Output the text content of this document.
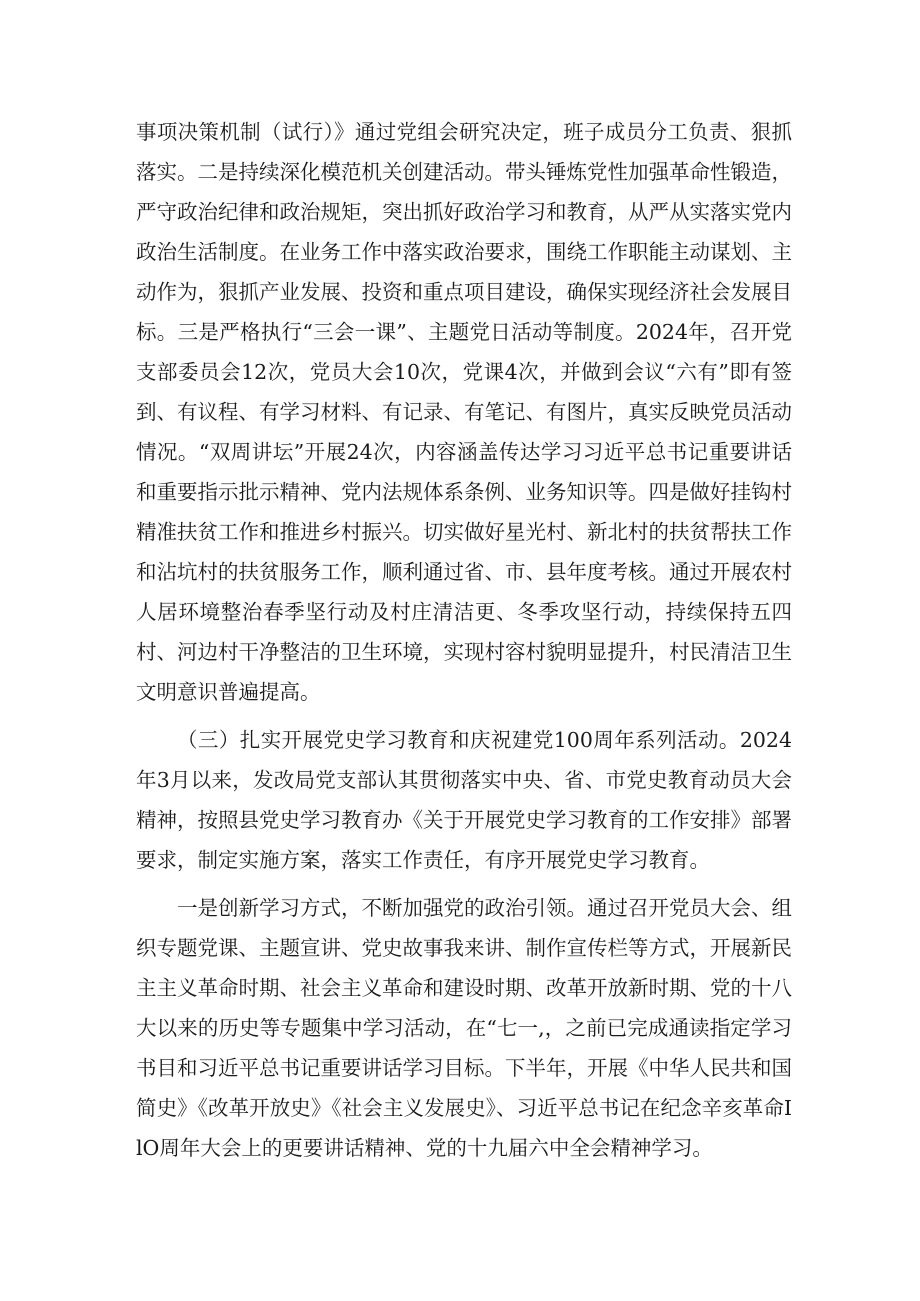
事项决策机制（试行）》通过党组会研究决定，班子成员分工负责、狠抓落实。二是持续深化模范机关创建活动。带头锤炼党性加强革命性锻造，严守政治纪律和政治规矩，突出抓好政治学习和教育，从严从实落实党内政治生活制度。在业务工作中落实政治要求，围绕工作职能主动谋划、主动作为，狠抓产业发展、投资和重点项目建设，确保实现经济社会发展目标。三是严格执行“三会一课”、主题党日活动等制度。2024年，召开党支部委员会12次，党员大会10次，党课4次，并做到会议“六有”即有签到、有议程、有学习材料、有记录、有笔记、有图片，真实反映党员活动情况。“双周讲坛”开展24次，内容涵盖传达学习习近平总书记重要讲话和重要指示批示精神、党内法规体系条例、业务知识等。四是做好挂钩村精准扶贫工作和推进乡村振兴。切实做好星光村、新北村的扶贫帮扶工作和沾坑村的扶贫服务工作，顺利通过省、市、县年度考核。通过开展农村人居环境整治春季坚行动及村庄清洁更、冬季攻坚行动，持续保持五四村、河边村干净整洁的卫生环境，实现村容村貌明显提升，村民清洁卫生文明意识普遍提高。

（三）扎实开展党史学习教育和庆祝建党100周年系列活动。2024年3月以来，发改局党支部认其贯彻落实中央、省、市党史教育动员大会精神，按照县党史学习教育办《关于开展党史学习教育的工作安排》部署要求，制定实施方案，落实工作责任，有序开展党史学习教育。

一是创新学习方式，不断加强党的政治引领。通过召开党员大会、组织专题党课、主题宣讲、党史故事我来讲、制作宣传栏等方式，开展新民主主义革命时期、社会主义革命和建设时期、改革开放新时期、党的十八大以来的历史等专题集中学习活动，在“七一,，之前已完成通读指定学习书目和习近平总书记重要讲话学习目标。下半年，开展《中华人民共和国简史》《改革开放史》《社会主义发展史》、习近平总书记在纪念辛亥革命IlO周年大会上的更要讲话精神、党的十九届六中全会精神学习。
